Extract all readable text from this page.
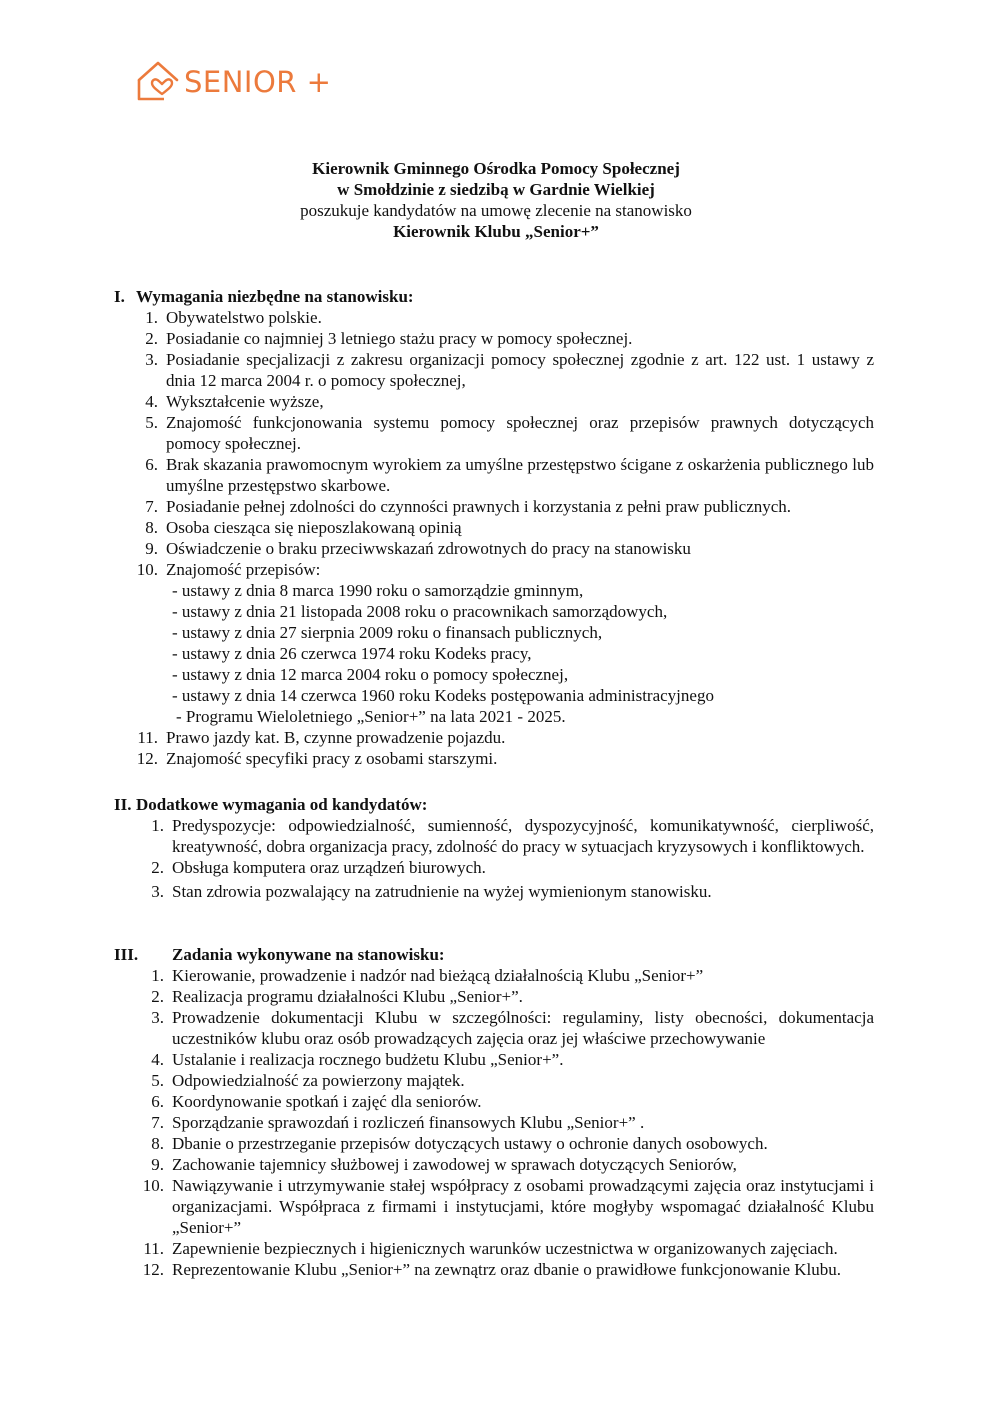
SENIOR +
Kierownik Gminnego Ośrodka Pomocy Społecznej
w Smołdzinie z siedzibą w Gardnie Wielkiej
poszukuje kandydatów na umowę zlecenie na stanowisko
Kierownik Klubu „Senior+”
I. Wymagania niezbędne na stanowisku:
1. Obywatelstwo polskie.
2. Posiadanie co najmniej 3 letniego stażu pracy w pomocy społecznej.
3. Posiadanie specjalizacji z zakresu organizacji pomocy społecznej zgodnie z art. 122 ust. 1 ustawy z dnia 12 marca 2004 r. o pomocy społecznej,
4. Wykształcenie wyższe,
5. Znajomość funkcjonowania systemu pomocy społecznej oraz przepisów prawnych dotyczących pomocy społecznej.
6. Brak skazania prawomocnym wyrokiem za umyślne przestępstwo ścigane z oskarżenia publicznego lub umyślne przestępstwo skarbowe.
7. Posiadanie pełnej zdolności do czynności prawnych i korzystania z pełni praw publicznych.
8. Osoba ciesząca się nieposzlakowaną opinią
9. Oświadczenie o braku przeciwwskazań zdrowotnych do pracy na stanowisku
10. Znajomość przepisów:
- ustawy z dnia 8 marca 1990 roku o samorządzie gminnym,
- ustawy z dnia 21 listopada 2008 roku o pracownikach samorządowych,
- ustawy z dnia 27 sierpnia 2009 roku o finansach publicznych,
- ustawy z dnia 26 czerwca 1974 roku Kodeks pracy,
- ustawy z dnia 12 marca 2004 roku o pomocy społecznej,
- ustawy z dnia 14 czerwca 1960 roku Kodeks postępowania administracyjnego
- Programu Wieloletniego „Senior+” na lata 2021 - 2025.
11. Prawo jazdy kat. B, czynne prowadzenie pojazdu.
12. Znajomość specyfiki pracy z osobami starszymi.
II. Dodatkowe wymagania od kandydatów:
1. Predyspozycje: odpowiedzialność, sumienność, dyspozycyjność, komunikatywność, cierpliwość, kreatywność, dobra organizacja pracy, zdolność do pracy w sytuacjach kryzysowych i konfliktowych.
2. Obsługa komputera oraz urządzeń biurowych.
3. Stan zdrowia pozwalający na zatrudnienie na wyżej wymienionym stanowisku.
III.	Zadania wykonywane na stanowisku:
1. Kierowanie, prowadzenie i nadzór nad bieżącą działalnością Klubu „Senior+”
2. Realizacja programu działalności Klubu „Senior+”.
3. Prowadzenie dokumentacji Klubu w szczególności: regulaminy, listy obecności, dokumentacja uczestników klubu oraz osób prowadzących zajęcia oraz jej właściwe przechowywanie
4. Ustalanie i realizacja rocznego budżetu Klubu „Senior+”.
5. Odpowiedzialność za powierzony majątek.
6. Koordynowanie spotkań i zajęć dla seniorów.
7. Sporządzanie sprawozdań i rozliczeń finansowych Klubu „Senior+” .
8. Dbanie o przestrzeganie przepisów dotyczących ustawy o ochronie danych osobowych.
9. Zachowanie tajemnicy służbowej i zawodowej w sprawach dotyczących Seniorów,
10. Nawiązywanie i utrzymywanie stałej współpracy z osobami prowadzącymi zajęcia oraz instytucjami i organizacjami. Współpraca z firmami i instytucjami, które mogłyby wspomagać działalność Klubu „Senior+”
11. Zapewnienie bezpiecznych i higienicznych warunków uczestnictwa w organizowanych zajęciach.
12. Reprezentowanie Klubu „Senior+” na zewnątrz oraz dbanie o prawidłowe funkcjonowanie Klubu.
